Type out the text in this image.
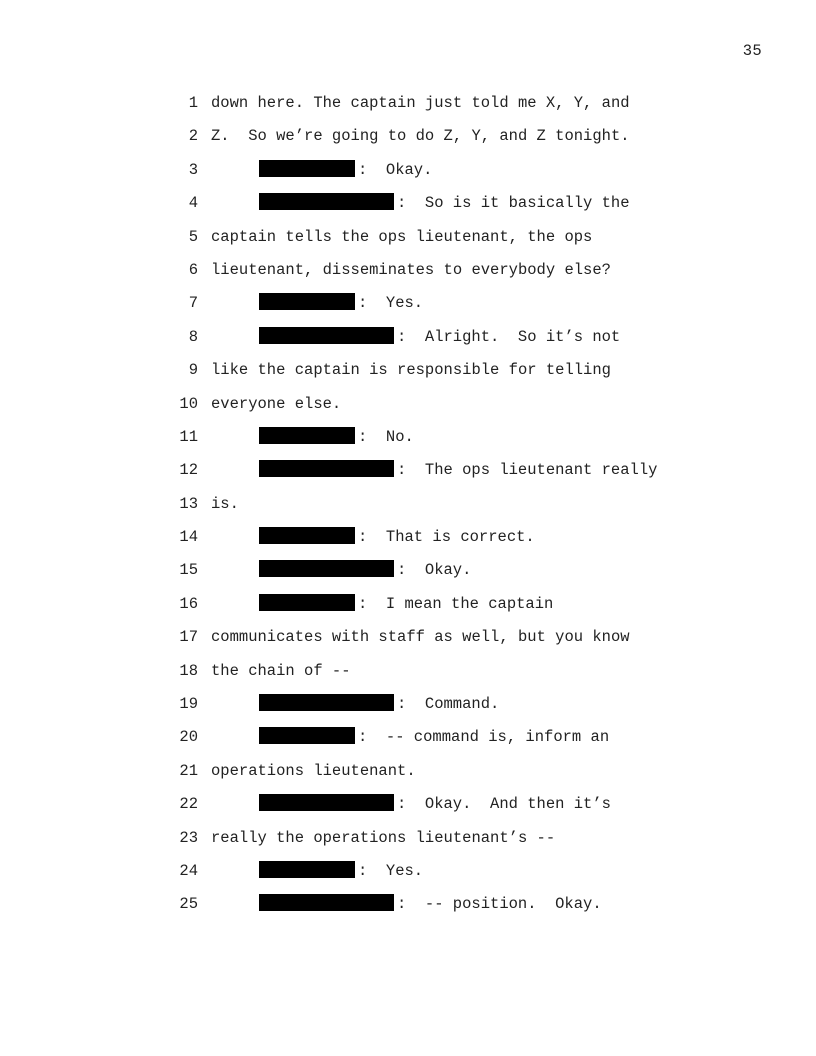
35
1 down here. The captain just told me X, Y, and
2 Z.  So we’re going to do Z, Y, and Z tonight.
3	:  Okay.
4	:  So is it basically the
5 captain tells the ops lieutenant, the ops
6 lieutenant, disseminates to everybody else?
7	:  Yes.
8	:  Alright.  So it’s not
9 like the captain is responsible for telling
10 everyone else.
11	:  No.
12	:  The ops lieutenant really
13 is.
14	:  That is correct.
15	:  Okay.
16	:  I mean the captain
17 communicates with staff as well, but you know
18 the chain of --
19	:  Command.
20	:  -- command is, inform an
21 operations lieutenant.
22	:  Okay.  And then it’s
23 really the operations lieutenant’s --
24	:  Yes.
25	:  -- position.  Okay.
